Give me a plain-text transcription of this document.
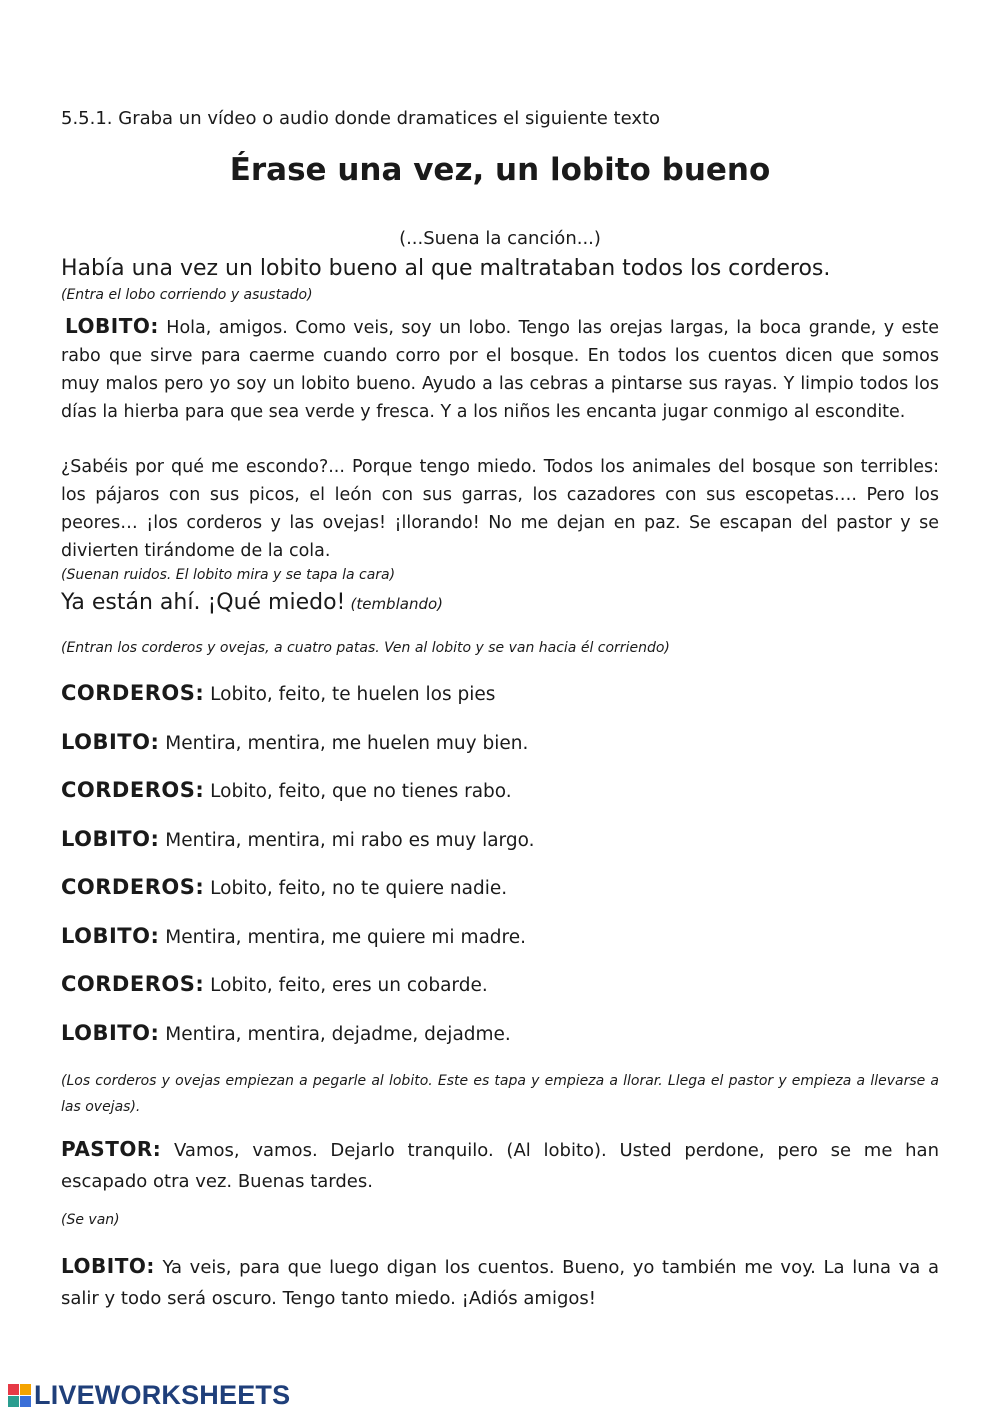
5.5.1. Graba un vídeo o audio donde dramatices el siguiente texto
Érase una vez, un lobito bueno
(...Suena la canción...)
Había una vez un lobito bueno al que maltrataban todos los corderos.
(Entra el lobo corriendo y asustado)
LOBITO: Hola, amigos. Como veis, soy un lobo. Tengo las orejas largas, la boca grande, y este rabo que sirve para caerme cuando corro por el bosque. En todos los cuentos dicen que somos muy malos pero yo soy un lobito bueno. Ayudo a las cebras a pintarse sus rayas. Y limpio todos los días la hierba para que sea verde y fresca. Y a los niños les encanta jugar conmigo al escondite.
¿Sabéis por qué me escondo?... Porque tengo miedo. Todos los animales del bosque son terribles: los pájaros con sus picos, el león con sus garras, los cazadores con sus escopetas…. Pero los peores… ¡los corderos y las ovejas! ¡llorando! No me dejan en paz. Se escapan del pastor y se divierten tirándome de la cola.
(Suenan ruidos. El lobito mira y se tapa la cara)
Ya están ahí. ¡Qué miedo! (temblando)
(Entran los corderos y ovejas, a cuatro patas. Ven al lobito y se van hacia él corriendo)
CORDEROS: Lobito, feito, te huelen los pies
LOBITO: Mentira, mentira, me huelen muy bien.
CORDEROS: Lobito, feito, que no tienes rabo.
LOBITO: Mentira, mentira, mi rabo es muy largo.
CORDEROS: Lobito, feito, no te quiere nadie.
LOBITO: Mentira, mentira, me quiere mi madre.
CORDEROS: Lobito, feito, eres un cobarde.
LOBITO: Mentira, mentira, dejadme, dejadme.
(Los corderos y ovejas empiezan a pegarle al lobito. Este es tapa y empieza a llorar. Llega el pastor y empieza a llevarse a las ovejas).
PASTOR: Vamos, vamos. Dejarlo tranquilo. (Al lobito). Usted perdone, pero se me han escapado otra vez. Buenas tardes.
(Se van)
LOBITO: Ya veis, para que luego digan los cuentos. Bueno, yo también me voy. La luna va a salir y todo será oscuro. Tengo tanto miedo. ¡Adiós amigos!
LIVEWORKSHEETS
